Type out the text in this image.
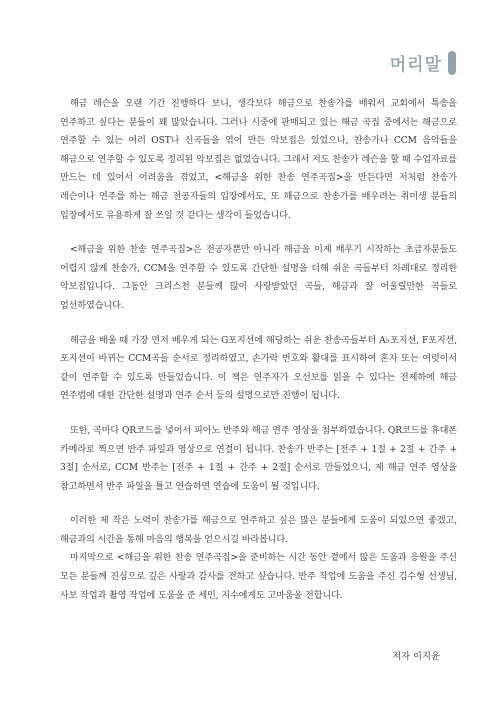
머리말

해금 레슨을 오랜 기간 진행하다 보니, 생각보다 해금으로 찬송가를 배워서 교회에서 특송을 연주하고 싶다는 분들이 꽤 많았습니다. 그러나 시중에 판매되고 있는 해금 곡집 중에서는 해금으로 연주할 수 있는 여러 OST나 신곡들을 엮어 만든 악보집은 있었으나, 찬송가나 CCM 음악들을 해금으로 연주할 수 있도록 정리된 악보집은 없었습니다. 그래서 저도 찬송가 레슨을 할 때 수업자료를 만드는 데 있어서 어려움을 겪었고, <해금을 위한 찬송 연주곡집>을 만든다면 저처럼 찬송가 레슨이나 연주를 하는 해금 전공자들의 입장에서도, 또 해금으로 찬송가를 배우려는 취미생 분들의 입장에서도 유용하게 잘 쓰일 것 같다는 생각이 들었습니다.

<해금을 위한 찬송 연주곡집>은 전공자뿐만 아니라 해금을 이제 배우기 시작하는 초급자분들도 어렵지 않게 찬송가, CCM을 연주할 수 있도록 간단한 설명을 더해 쉬운 곡들부터 차례대로 정리한 악보집입니다. 그동안 크리스천 분들께 많이 사랑받았던 곡들, 해금과 잘 어울릴만한 곡들로 엄선하였습니다.

해금을 배울 때 가장 먼저 배우게 되는 G포지션에 해당하는 쉬운 찬송곡들부터 A♭포지션, F포지션, 포지션이 바뀌는 CCM곡들 순서로 정리하였고, 손가락 번호와 활대를 표시하여 혼자 또는 여럿이서 같이 연주할 수 있도록 만들었습니다. 이 책은 연주자가 오선보를 읽을 수 있다는 전제하에 해금 연주법에 대한 간단한 설명과 연주 순서 등의 설명으로만 진행이 됩니다.

또한, 곡마다 QR코드를 넣어서 피아노 반주와 해금 연주 영상을 첨부하였습니다. QR코드를 휴대폰 카메라로 찍으면 반주 파일과 영상으로 연결이 됩니다. 찬송가 반주는 [전주 + 1절 + 2절 + 간주 + 3절] 순서로, CCM 반주는 [전주 + 1절 + 간주 + 2절] 순서로 만들었으니, 제 해금 연주 영상을 참고하면서 반주 파일을 틀고 연습하면 연습에 도움이 될 것입니다.

이러한 제 작은 노력이 찬송가를 해금으로 연주하고 싶은 많은 분들에게 도움이 되었으면 좋겠고, 해금과의 시간을 통해 마음의 행복을 얻으시길 바라봅니다.

마지막으로 <해금을 위한 찬송 연주곡집>을 준비하는 시간 동안 곁에서 많은 도움과 응원을 주신 모든 분들께 진심으로 깊은 사랑과 감사를 전하고 싶습니다. 반주 작업에 도움을 주신 김수형 선생님, 사보 작업과 촬영 작업에 도움을 준 세민, 지수에게도 고마움을 전합니다.

저자 이지윤
